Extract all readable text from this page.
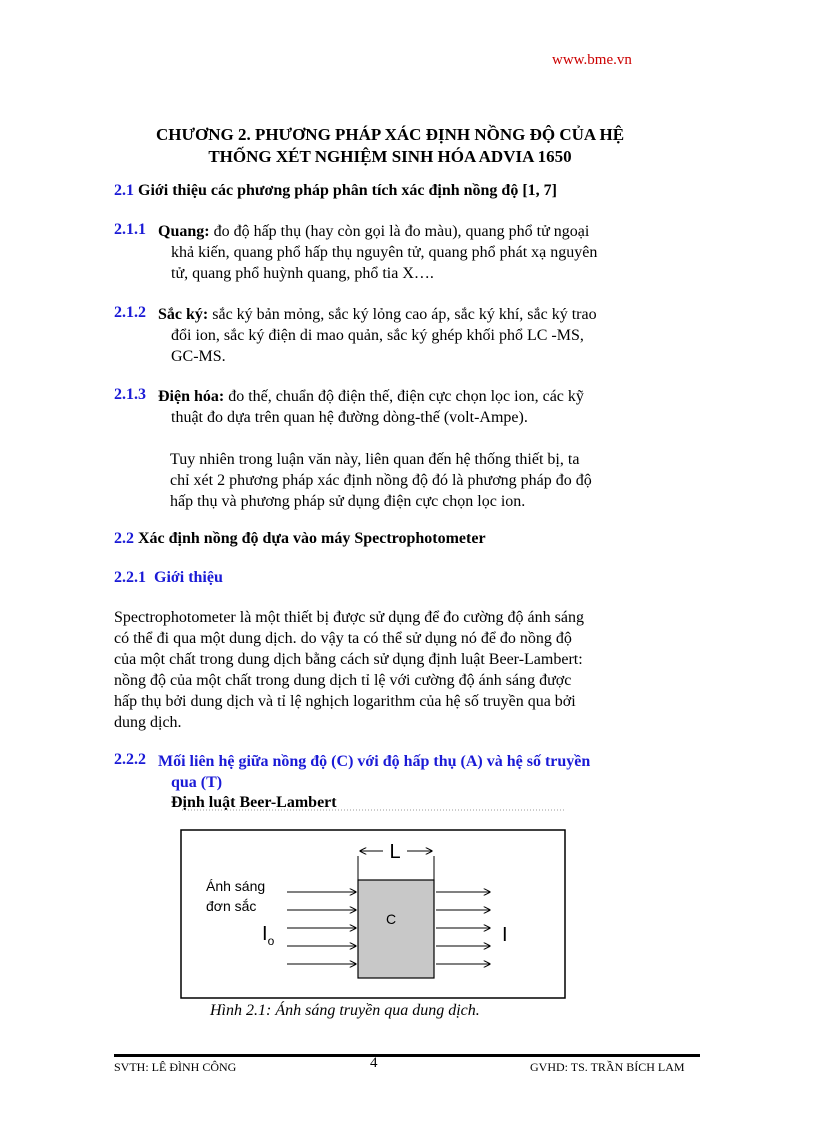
www.bme.vn
CHƯƠNG 2. PHƯƠNG PHÁP XÁC ĐỊNH NỒNG ĐỘ CỦA HỆ
THỐNG XÉT NGHIỆM SINH HÓA ADVIA 1650
2.1 Giới thiệu các phương pháp phân tích xác định nồng độ [1, 7]
2.1.1 Quang: đo độ hấp thụ (hay còn gọi là đo màu), quang phổ tử ngoại
khả kiến, quang phổ hấp thụ nguyên tử, quang phổ phát xạ nguyên
tử, quang phổ huỳnh quang, phổ tia X….
2.1.2 Sắc ký: sắc ký bản mỏng, sắc ký lỏng cao áp, sắc ký khí, sắc ký trao
đổi ion, sắc ký điện di mao quản, sắc ký ghép khối phổ LC -MS,
GC-MS.
2.1.3 Điện hóa: đo thế, chuẩn độ điện thế, điện cực chọn lọc ion, các kỹ
thuật đo dựa trên quan hệ đường dòng-thế (volt-Ampe).
Tuy nhiên trong luận văn này, liên quan đến hệ thống thiết bị, ta
chỉ xét 2 phương pháp xác định nồng độ đó là phương pháp đo độ
hấp thụ và phương pháp sử dụng điện cực chọn lọc ion.
2.2 Xác định nồng độ dựa vào máy Spectrophotometer
2.2.1 Giới thiệu
Spectrophotometer là một thiết bị được sử dụng để đo cường độ ánh sáng
có thể đi qua một dung dịch. do vậy ta có thể sử dụng nó để đo nồng độ
của một chất trong dung dịch bằng cách sử dụng định luật Beer-Lambert:
nồng độ của một chất trong dung dịch tỉ lệ với cường độ ánh sáng được
hấp thụ bởi dung dịch và tỉ lệ nghịch logarithm của hệ số truyền qua bởi
dung dịch.
2.2.2 Mối liên hệ giữa nồng độ (C) với độ hấp thụ (A) và hệ số truyền
qua (T)
Định luật Beer-Lambert
L
Ánh sáng
đơn sắc
$I_o$
C
I
Hình 2.1: Ánh sáng truyền qua dung dịch.
SVTH: LÊ ĐÌNH CÔNG	4	GVHD: TS. TRẦN BÍCH LAM
